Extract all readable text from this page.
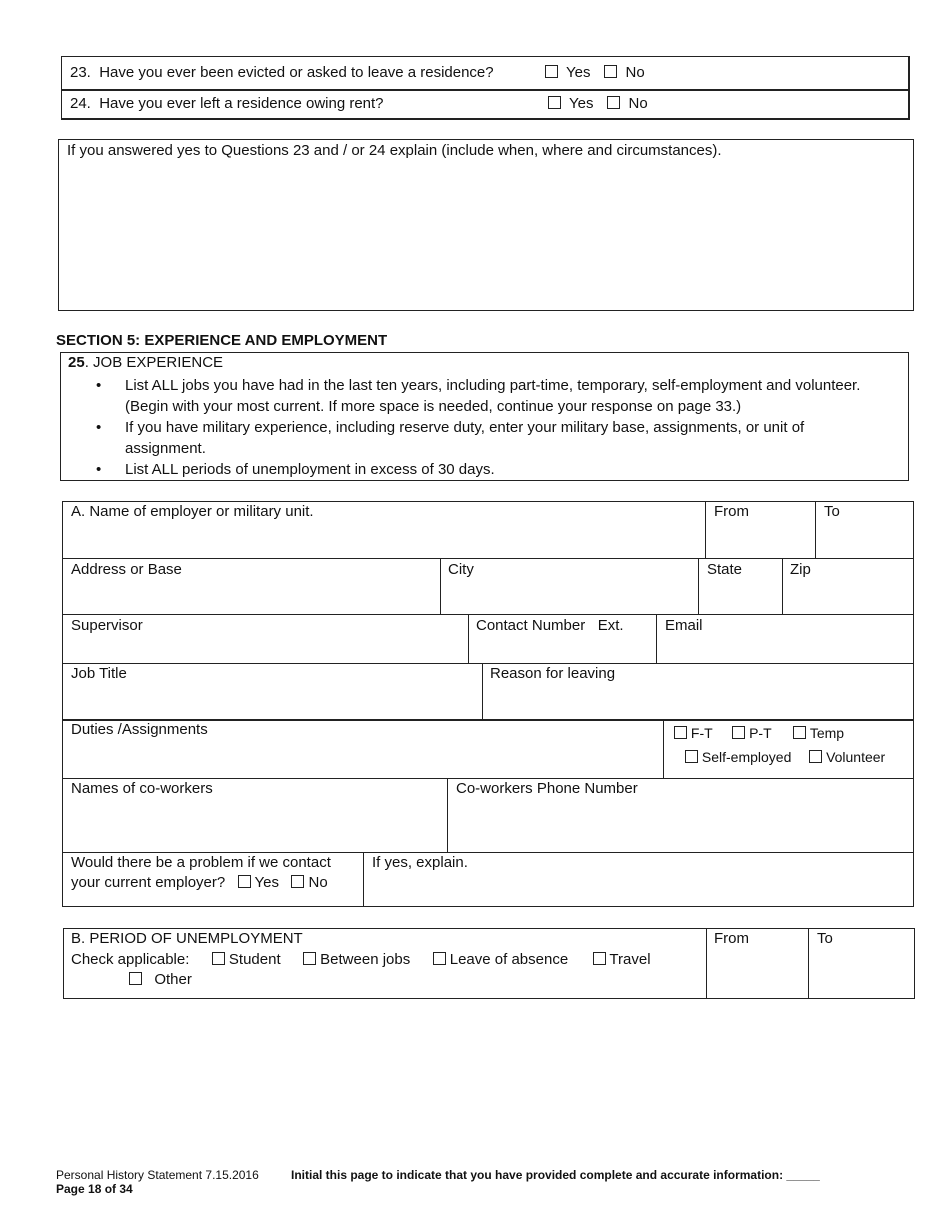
23. Have you ever been evicted or asked to leave a residence?	Yes No
24. Have you ever left a residence owing rent?	Yes No
If you answered yes to Questions 23 and / or 24 explain (include when, where and circumstances).
SECTION 5: EXPERIENCE AND EMPLOYMENT
25. JOB EXPERIENCE
• List ALL jobs you have had in the last ten years, including part-time, temporary, self-employment and volunteer. (Begin with your most current. If more space is needed, continue your response on page 33.)
• If you have military experience, including reserve duty, enter your military base, assignments, or unit of assignment.
• List ALL periods of unemployment in excess of 30 days.
A. Name of employer or military unit.	From	To
Address or Base	City	State	Zip
Supervisor	Contact Number   Ext.	Email
Job Title	Reason for leaving
Duties /Assignments	F-T	P-T	Temp
Self-employed Volunteer
Names of co-workers	Co-workers Phone Number
Would there be a problem if we contact
your current employer? Yes No
If yes, explain.
B. PERIOD OF UNEMPLOYMENT	From	To
Check applicable:	Student	Between jobs	Leave of absence	Travel
Other
Personal History Statement 7.15.2016	Initial this page to indicate that you have provided complete and accurate information: _____
Page 18 of 34
